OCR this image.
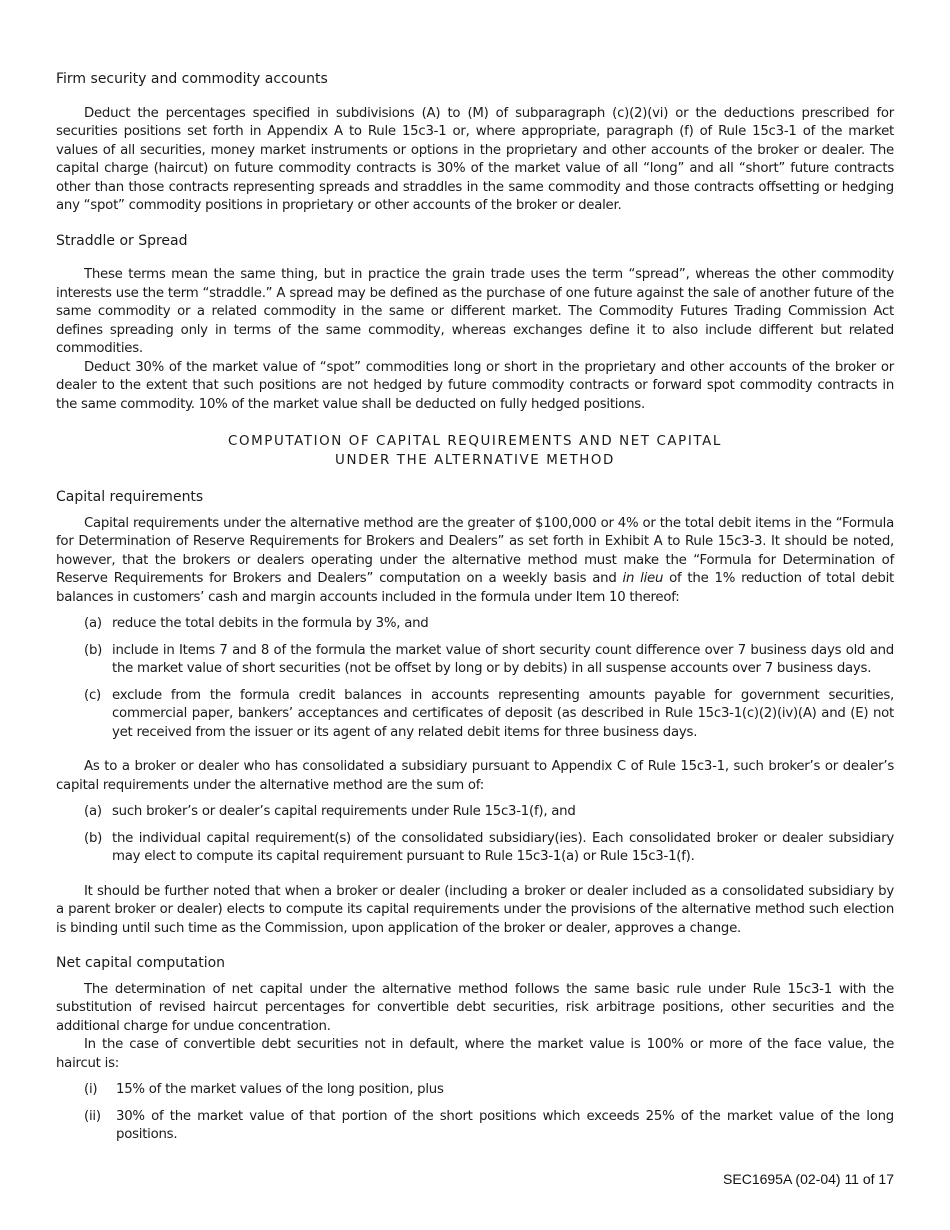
Firm security and commodity accounts

Deduct the percentages specified in subdivisions (A) to (M) of subparagraph (c)(2)(vi) or the deductions prescribed for securities positions set forth in Appendix A to Rule 15c3-1 or, where appropriate, paragraph (f) of Rule 15c3-1 of the market values of all securities, money market instruments or options in the proprietary and other accounts of the broker or dealer. The capital charge (haircut) on future commodity contracts is 30% of the market value of all “long” and all “short” future contracts other than those contracts representing spreads and straddles in the same commodity and those contracts offsetting or hedging any “spot” commodity positions in proprietary or other accounts of the broker or dealer.

Straddle or Spread

These terms mean the same thing, but in practice the grain trade uses the term “spread”, whereas the other commodity interests use the term “straddle.” A spread may be defined as the purchase of one future against the sale of another future of the same commodity or a related commodity in the same or different market. The Commodity Futures Trading Commission Act defines spreading only in terms of the same commodity, whereas exchanges define it to also include different but related commodities.

Deduct 30% of the market value of “spot” commodities long or short in the proprietary and other accounts of the broker or dealer to the extent that such positions are not hedged by future commodity contracts or forward spot commodity contracts in the same commodity. 10% of the market value shall be deducted on fully hedged positions.

COMPUTATION OF CAPITAL REQUIREMENTS AND NET CAPITAL
UNDER THE ALTERNATIVE METHOD
Capital requirements

Capital requirements under the alternative method are the greater of $100,000 or 4% or the total debit items in the “Formula for Determination of Reserve Requirements for Brokers and Dealers” as set forth in Exhibit A to Rule 15c3-3. It should be noted, however, that the brokers or dealers operating under the alternative method must make the “Formula for Determination of Reserve Requirements for Brokers and Dealers” computation on a weekly basis and in lieu of the 1% reduction of total debit balances in customers’ cash and margin accounts included in the formula under Item 10 thereof:

(a) reduce the total debits in the formula by 3%, and
(b) include in Items 7 and 8 of the formula the market value of short security count difference over 7 business days old and the market value of short securities (not be offset by long or by debits) in all suspense accounts over 7 business days.
(c) exclude from the formula credit balances in accounts representing amounts payable for government securities, commercial paper, bankers’ acceptances and certificates of deposit (as described in Rule 15c3-1(c)(2)(iv)(A) and (E) not yet received from the issuer or its agent of any related debit items for three business days.

As to a broker or dealer who has consolidated a subsidiary pursuant to Appendix C of Rule 15c3-1, such broker’s or dealer’s capital requirements under the alternative method are the sum of:

(a) such broker’s or dealer’s capital requirements under Rule 15c3-1(f), and
(b) the individual capital requirement(s) of the consolidated subsidiary(ies). Each consolidated broker or dealer subsidiary may elect to compute its capital requirement pursuant to Rule 15c3-1(a) or Rule 15c3-1(f).

It should be further noted that when a broker or dealer (including a broker or dealer included as a consolidated subsidiary by a parent broker or dealer) elects to compute its capital requirements under the provisions of the alternative method such election is binding until such time as the Commission, upon application of the broker or dealer, approves a change.

Net capital computation

The determination of net capital under the alternative method follows the same basic rule under Rule 15c3-1 with the substitution of revised haircut percentages for convertible debt securities, risk arbitrage positions, other securities and the additional charge for undue concentration.

In the case of convertible debt securities not in default, where the market value is 100% or more of the face value, the haircut is:

(i)	15% of the market values of the long position, plus
(ii)	30% of the market value of that portion of the short positions which exceeds 25% of the market value of the long positions.
SEC1695A (02-04) 11 of 17
